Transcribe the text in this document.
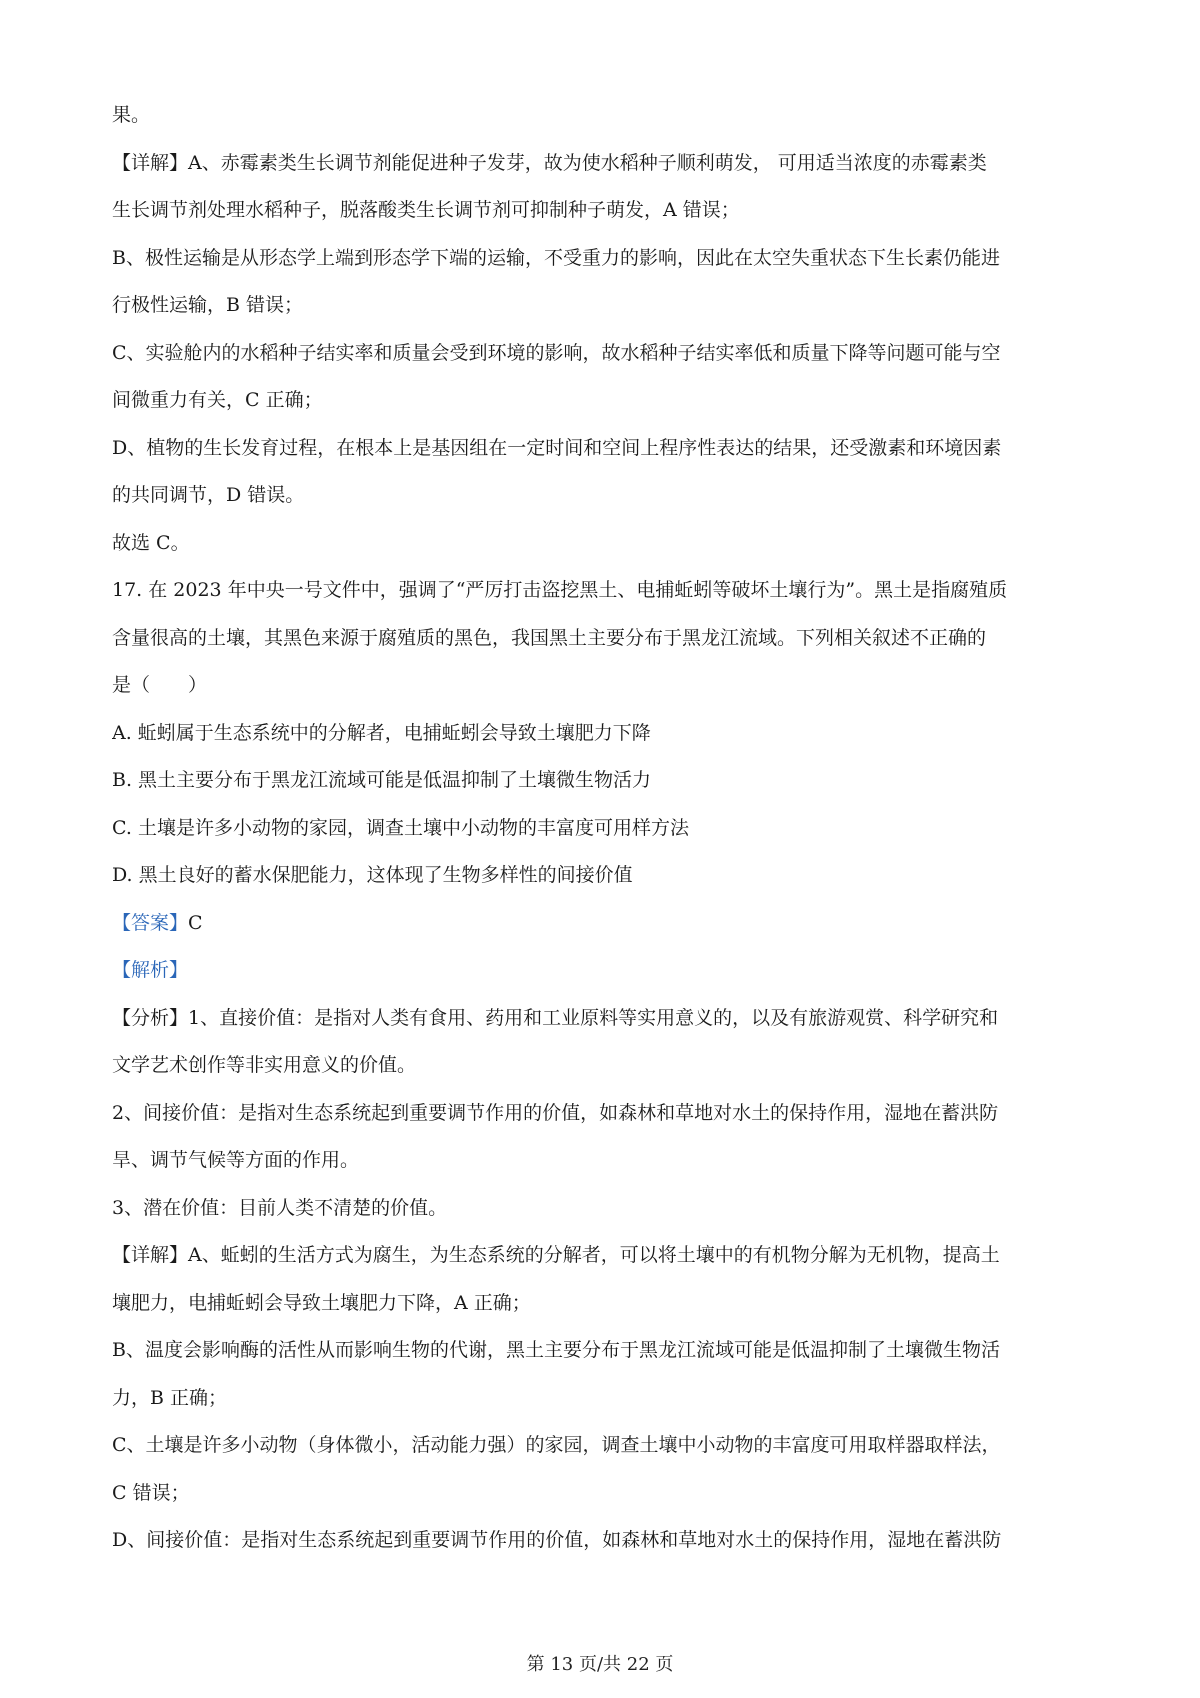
果。
【详解】A、赤霉素类生长调节剂能促进种子发芽，故为使水稻种子顺利萌发， 可用适当浓度的赤霉素类
生长调节剂处理水稻种子，脱落酸类生长调节剂可抑制种子萌发，A 错误；
B、极性运输是从形态学上端到形态学下端的运输，不受重力的影响，因此在太空失重状态下生长素仍能进
行极性运输，B 错误；
C、实验舱内的水稻种子结实率和质量会受到环境的影响，故水稻种子结实率低和质量下降等问题可能与空
间微重力有关，C 正确；
D、植物的生长发育过程，在根本上是基因组在一定时间和空间上程序性表达的结果，还受激素和环境因素
的共同调节，D 错误。
故选 C。
17. 在 2023 年中央一号文件中，强调了“严厉打击盗挖黑土、电捕蚯蚓等破坏土壤行为”。黑土是指腐殖质
含量很高的土壤，其黑色来源于腐殖质的黑色，我国黑土主要分布于黑龙江流域。下列相关叙述不正确的
是（　　）
A. 蚯蚓属于生态系统中的分解者，电捕蚯蚓会导致土壤肥力下降
B. 黑土主要分布于黑龙江流域可能是低温抑制了土壤微生物活力
C. 土壤是许多小动物的家园，调查土壤中小动物的丰富度可用样方法
D. 黑土良好的蓄水保肥能力，这体现了生物多样性的间接价值
【答案】C
【解析】
【分析】1、直接价值：是指对人类有食用、药用和工业原料等实用意义的，以及有旅游观赏、科学研究和
文学艺术创作等非实用意义的价值。
2、间接价值：是指对生态系统起到重要调节作用的价值，如森林和草地对水土的保持作用，湿地在蓄洪防
旱、调节气候等方面的作用。
3、潜在价值：目前人类不清楚的价值。
【详解】A、蚯蚓的生活方式为腐生，为生态系统的分解者，可以将土壤中的有机物分解为无机物，提高土
壤肥力，电捕蚯蚓会导致土壤肥力下降，A 正确；
B、温度会影响酶的活性从而影响生物的代谢，黑土主要分布于黑龙江流域可能是低温抑制了土壤微生物活
力，B 正确；
C、土壤是许多小动物（身体微小，活动能力强）的家园，调查土壤中小动物的丰富度可用取样器取样法，
C 错误；
D、间接价值：是指对生态系统起到重要调节作用的价值，如森林和草地对水土的保持作用，湿地在蓄洪防
第 13 页/共 22 页
